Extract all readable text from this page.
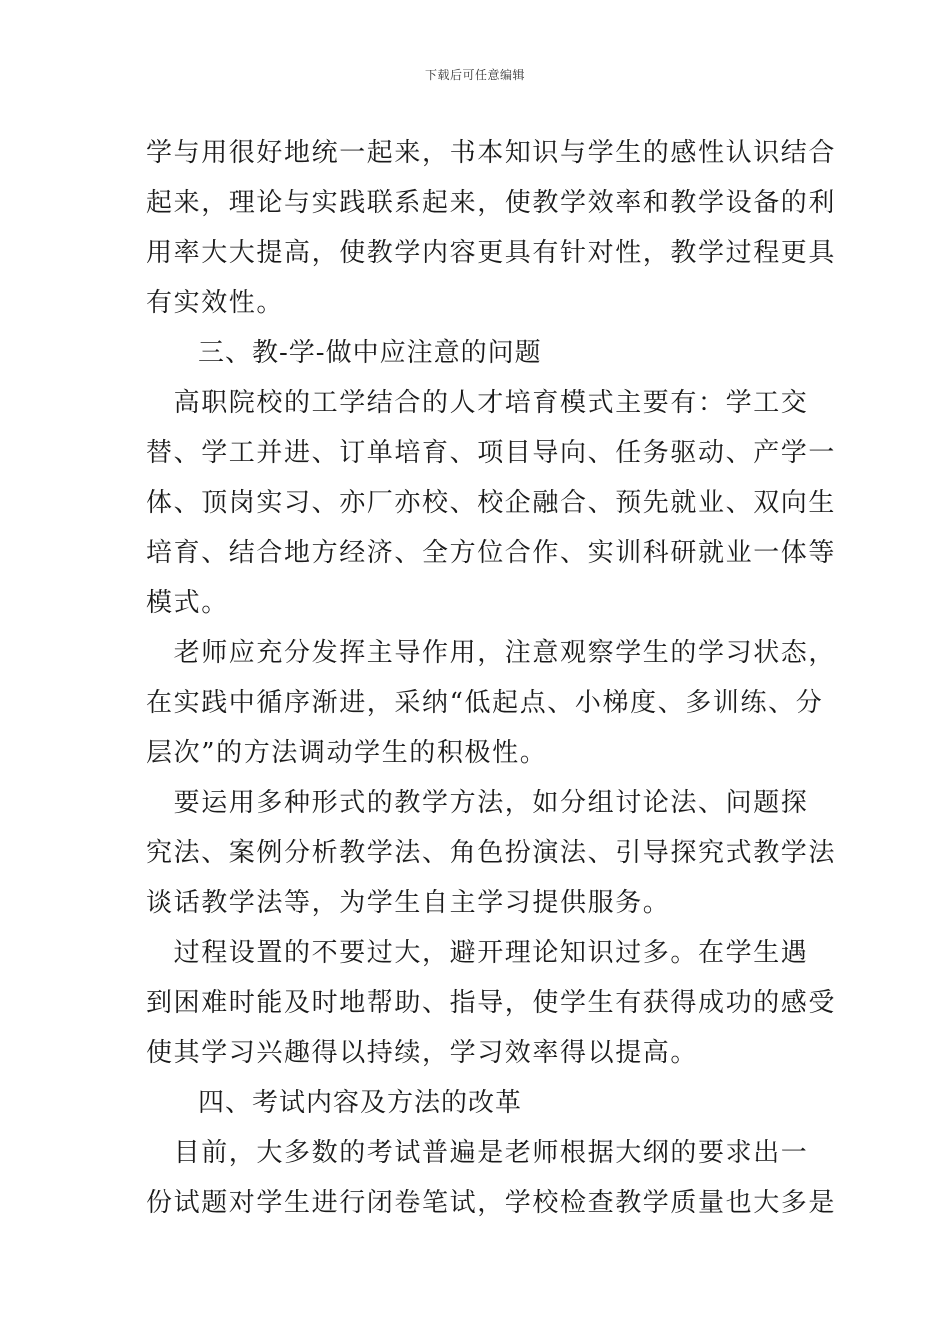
下载后可任意编辑

学与用很好地统一起来，书本知识与学生的感性认识结合
起来，理论与实践联系起来，使教学效率和教学设备的利
用率大大提高，使教学内容更具有针对性，教学过程更具
有实效性。

三、教-学-做中应注意的问题

　高职院校的工学结合的人才培育模式主要有：学工交
替、学工并进、订单培育、项目导向、任务驱动、产学一
体、顶岗实习、亦厂亦校、校企融合、预先就业、双向生
培育、结合地方经济、全方位合作、实训科研就业一体等
模式。

　老师应充分发挥主导作用，注意观察学生的学习状态，
在实践中循序渐进，采纳“低起点、小梯度、多训练、分
层次”的方法调动学生的积极性。

　要运用多种形式的教学方法，如分组讨论法、问题探
究法、案例分析教学法、角色扮演法、引导探究式教学法
谈话教学法等，为学生自主学习提供服务。

　过程设置的不要过大，避开理论知识过多。在学生遇
到困难时能及时地帮助、指导，使学生有获得成功的感受
使其学习兴趣得以持续，学习效率得以提高。

四、考试内容及方法的改革

　目前，大多数的考试普遍是老师根据大纲的要求出一
份试题对学生进行闭卷笔试，学校检查教学质量也大多是
